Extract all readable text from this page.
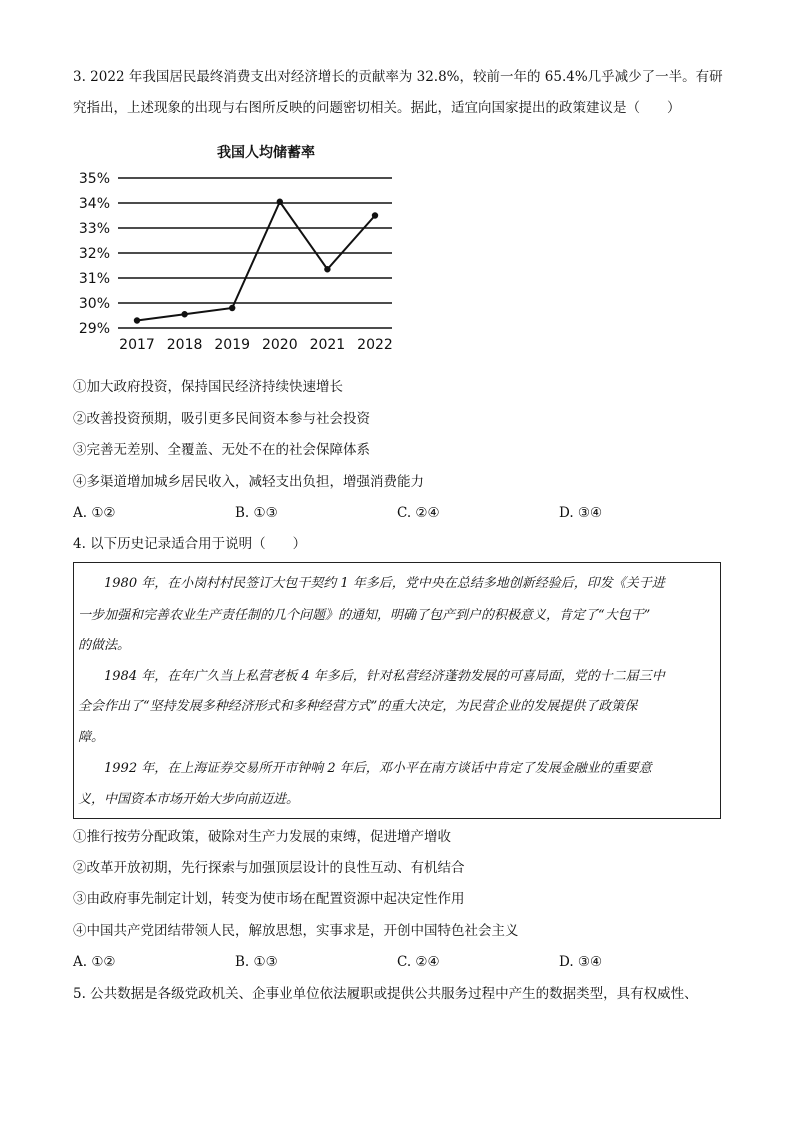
3. 2022 年我国居民最终消费支出对经济增长的贡献率为 32.8%，较前一年的 65.4%几乎减少了一半。有研
究指出，上述现象的出现与右图所反映的问题密切相关。据此，适宜向国家提出的政策建议是（　　）
我国人均储蓄率
35%
34%
33%
32%
31%
30%
29%
2017 2018 2019 2020 2021 2022
①加大政府投资，保持国民经济持续快速增长
②改善投资预期，吸引更多民间资本参与社会投资
③完善无差别、全覆盖、无处不在的社会保障体系
④多渠道增加城乡居民收入，减轻支出负担，增强消费能力
A. ①②	B. ①③	C. ②④	D. ③④
4. 以下历史记录适合用于说明（　　）

1980 年，在小岗村村民签订大包干契约 1 年多后，党中央在总结多地创新经验后，印发《关于进

一步加强和完善农业生产责任制的几个问题》的通知，明确了包产到户的积极意义，肯定了“大包干”

的做法。

1984 年，在年广久当上私营老板 4 年多后，针对私营经济蓬勃发展的可喜局面，党的十二届三中

全会作出了“坚持发展多种经济形式和多种经营方式”的重大决定，为民营企业的发展提供了政策保

障。

1992 年，在上海证券交易所开市钟响 2 年后，邓小平在南方谈话中肯定了发展金融业的重要意

义，中国资本市场开始大步向前迈进。

①推行按劳分配政策，破除对生产力发展的束缚，促进增产增收
②改革开放初期，先行探索与加强顶层设计的良性互动、有机结合
③由政府事先制定计划，转变为使市场在配置资源中起决定性作用
④中国共产党团结带领人民，解放思想，实事求是，开创中国特色社会主义
A. ①②	B. ①③	C. ②④	D. ③④
5. 公共数据是各级党政机关、企事业单位依法履职或提供公共服务过程中产生的数据类型，具有权威性、
